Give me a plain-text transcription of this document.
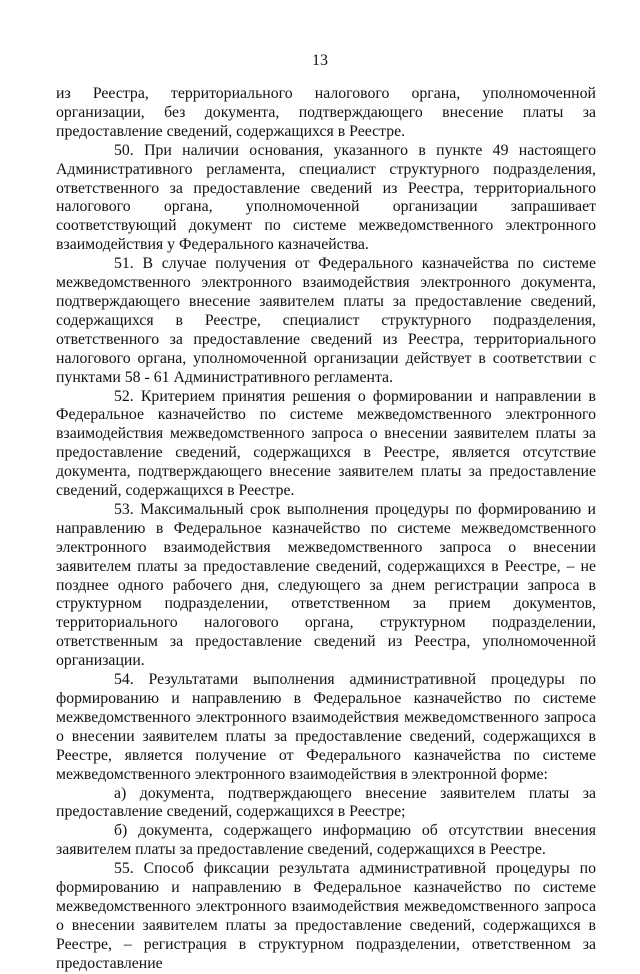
13

из Реестра, территориального налогового органа, уполномоченной организации, без документа, подтверждающего внесение платы за предоставление сведений, содержащихся в Реестре.

50. При наличии основания, указанного в пункте 49 настоящего Административного регламента, специалист структурного подразделения, ответственного за предоставление сведений из Реестра, территориального налогового органа, уполномоченной организации запрашивает соответствующий документ по системе межведомственного электронного взаимодействия у Федерального казначейства.

51. В случае получения от Федерального казначейства по системе межведомственного электронного взаимодействия электронного документа, подтверждающего внесение заявителем платы за предоставление сведений, содержащихся в Реестре, специалист структурного подразделения, ответственного за предоставление сведений из Реестра, территориального налогового органа, уполномоченной организации действует в соответствии с пунктами 58 - 61 Административного регламента.

52. Критерием принятия решения о формировании и направлении в Федеральное казначейство по системе межведомственного электронного взаимодействия межведомственного запроса о внесении заявителем платы за предоставление сведений, содержащихся в Реестре, является отсутствие документа, подтверждающего внесение заявителем платы за предоставление сведений, содержащихся в Реестре.

53. Максимальный срок выполнения процедуры по формированию и направлению в Федеральное казначейство по системе межведомственного электронного взаимодействия межведомственного запроса о внесении заявителем платы за предоставление сведений, содержащихся в Реестре, – не позднее одного рабочего дня, следующего за днем регистрации запроса в структурном подразделении, ответственном за прием документов, территориального налогового органа, структурном подразделении, ответственным за предоставление сведений из Реестра, уполномоченной организации.

54. Результатами выполнения административной процедуры по формированию и направлению в Федеральное казначейство по системе межведомственного электронного взаимодействия межведомственного запроса о внесении заявителем платы за предоставление сведений, содержащихся в Реестре, является получение от Федерального казначейства по системе межведомственного электронного взаимодействия в электронной форме:

а) документа, подтверждающего внесение заявителем платы за предоставление сведений, содержащихся в Реестре;

б) документа, содержащего информацию об отсутствии внесения заявителем платы за предоставление сведений, содержащихся в Реестре.

55. Способ фиксации результата административной процедуры по формированию и направлению в Федеральное казначейство по системе межведомственного электронного взаимодействия межведомственного запроса о внесении заявителем платы за предоставление сведений, содержащихся в Реестре, – регистрация в структурном подразделении, ответственном за предоставление
